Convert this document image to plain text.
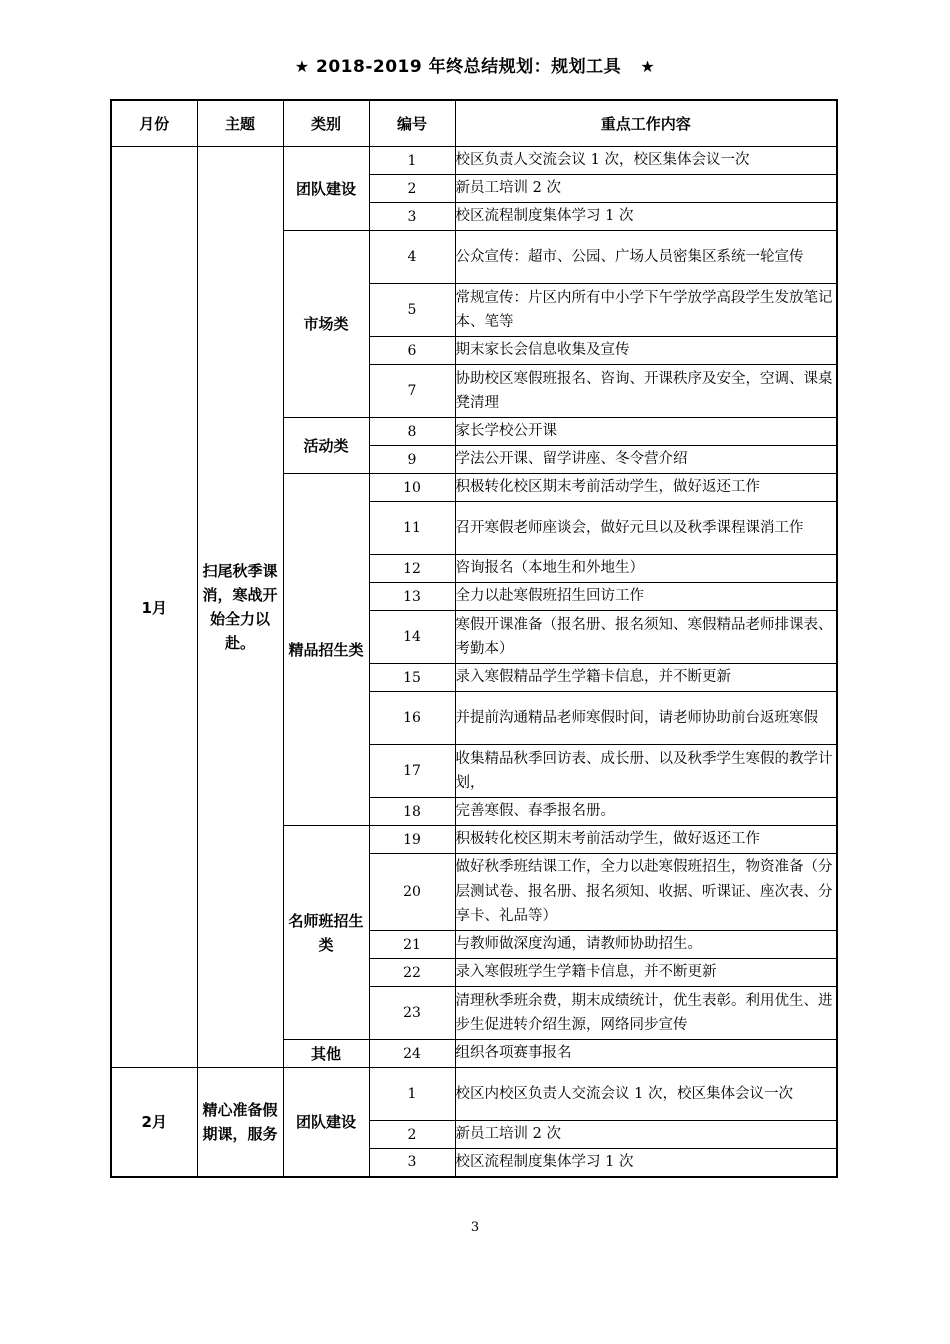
★ 2018-2019 年终总结规划：规划工具 ★
月份	主题	类别	编号	重点工作内容
1月	扫尾秋季课消，寒战开始全力以赴。	团队建设	1	校区负责人交流会议 1 次，校区集体会议一次
			2	新员工培训 2 次
			3	校区流程制度集体学习 1 次
		市场类	4	公众宣传：超市、公园、广场人员密集区系统一轮宣传
			5	常规宣传：片区内所有中小学下午学放学高段学生发放笔记本、笔等
			6	期末家长会信息收集及宣传
			7	协助校区寒假班报名、咨询、开课秩序及安全，空调、课桌凳清理
		活动类	8	家长学校公开课
			9	学法公开课、留学讲座、冬令营介绍
		精品招生类	10	积极转化校区期末考前活动学生，做好返还工作
			11	召开寒假老师座谈会，做好元旦以及秋季课程课消工作
			12	咨询报名（本地生和外地生）
			13	全力以赴寒假班招生回访工作
			14	寒假开课准备（报名册、报名须知、寒假精品老师排课表、考勤本）
			15	录入寒假精品学生学籍卡信息，并不断更新
			16	并提前沟通精品老师寒假时间，请老师协助前台返班寒假
			17	收集精品秋季回访表、成长册、以及秋季学生寒假的教学计划，
			18	完善寒假、春季报名册。
		名师班招生类	19	积极转化校区期末考前活动学生，做好返还工作
			20	做好秋季班结课工作，全力以赴寒假班招生，物资准备（分层测试卷、报名册、报名须知、收据、听课证、座次表、分享卡、礼品等）
			21	与教师做深度沟通，请教师协助招生。
			22	录入寒假班学生学籍卡信息，并不断更新
			23	清理秋季班余费，期末成绩统计，优生表彰。利用优生、进步生促进转介绍生源，网络同步宣传
		其他	24	组织各项赛事报名
2月	精心准备假期课，服务	团队建设	1	校区内校区负责人交流会议 1 次，校区集体会议一次
			2	新员工培训 2 次
			3	校区流程制度集体学习 1 次
3
